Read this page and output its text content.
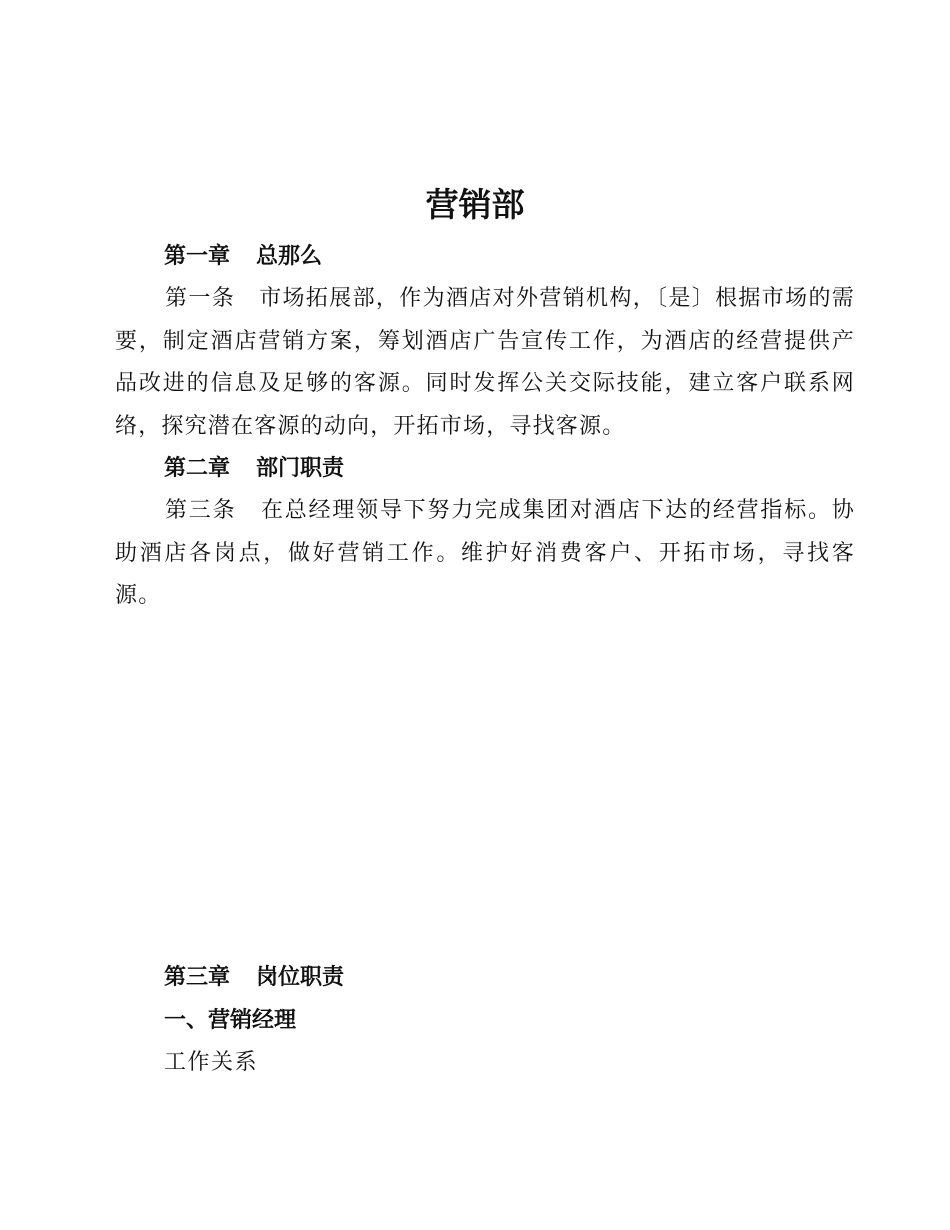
营销部
第一章 总那么

第一条 市场拓展部，作为酒店对外营销机构，〔是〕根据市场的需要，制定酒店营销方案，筹划酒店广告宣传工作，为酒店的经营提供产品改进的信息及足够的客源。同时发挥公关交际技能，建立客户联系网络，探究潜在客源的动向，开拓市场，寻找客源。

第二章 部门职责

第三条 在总经理领导下努力完成集团对酒店下达的经营指标。协助酒店各岗点，做好营销工作。维护好消费客户、开拓市场，寻找客源。

第三章 岗位职责
一、营销经理

工作关系
